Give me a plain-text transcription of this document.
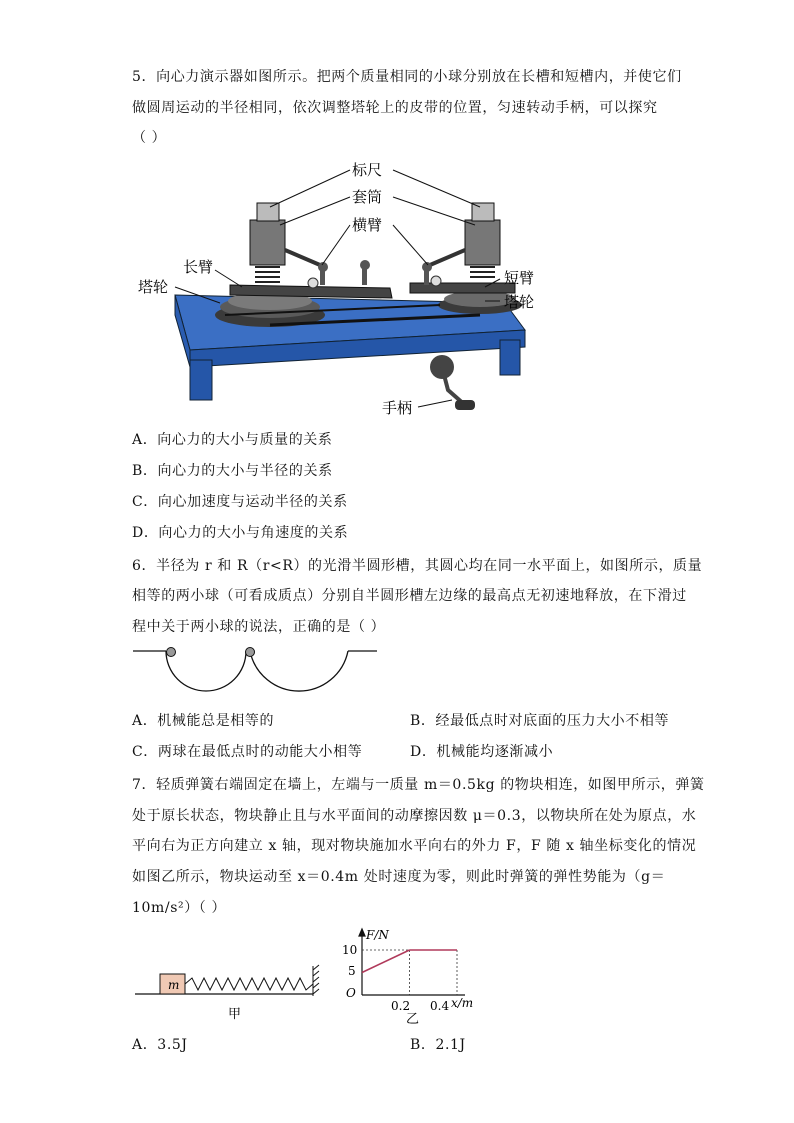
5．向心力演示器如图所示。把两个质量相同的小球分别放在长槽和短槽内，并使它们
做圆周运动的半径相同，依次调整塔轮上的皮带的位置，匀速转动手柄，可以探究
（ ）
标尺
套筒
横臂
长臂
塔轮	短臂
塔轮
手柄
A．向心力的大小与质量的关系
B．向心力的大小与半径的关系
C．向心加速度与运动半径的关系
D．向心力的大小与角速度的关系
6．半径为 r 和 R（r<R）的光滑半圆形槽，其圆心均在同一水平面上，如图所示，质量
相等的两小球（可看成质点）分别自半圆形槽左边缘的最高点无初速地释放，在下滑过
程中关于两小球的说法，正确的是（ ）
A．机械能总是相等的	B．经最低点时对底面的压力大小不相等
C．两球在最低点时的动能大小相等	D．机械能均逐渐减小
7．轻质弹簧右端固定在墙上，左端与一质量 m＝0.5kg 的物块相连，如图甲所示，弹簧
处于原长状态，物块静止且与水平面间的动摩擦因数 μ＝0.3，以物块所在处为原点，水
平向右为正方向建立 x 轴，现对物块施加水平向右的外力 F，F 随 x 轴坐标变化的情况
如图乙所示，物块运动至 x＝0.4m 处时速度为零，则此时弹簧的弹性势能为（g＝
10m/s²）（ ）
m
甲
F/N
x/m
O
10
5
0.2 0.4
乙
A．3.5J	B．2.1J
